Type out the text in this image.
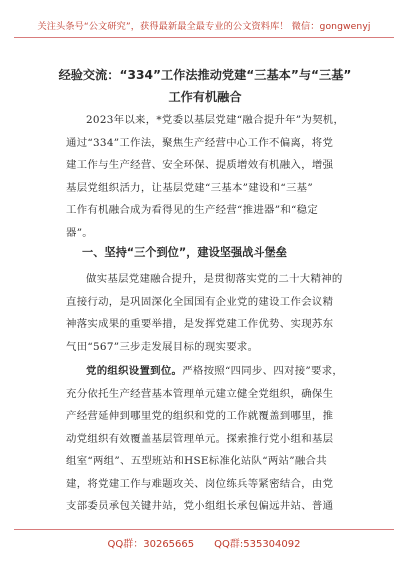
关注头条号“公文研究”，获得最新最全最专业的公文资料库！ 微信：gongwenyj
经验交流：“334”工作法推动党建“三基本”与“三基”
工作有机融合
2023年以来，*党委以基层党建“融合提升年”为契机，
通过“334”工作法，聚焦生产经营中心工作不偏离，将党
建工作与生产经营、安全环保、提质增效有机融入，增强
基层党组织活力，让基层党建“三基本”建设和“三基”
工作有机融合成为看得见的生产经营“推进器”和“稳定
器”。
一、坚持“三个到位”，建设坚强战斗堡垒
做实基层党建融合提升，是贯彻落实党的二十大精神的
直接行动，是巩固深化全国国有企业党的建设工作会议精
神落实成果的重要举措，是发挥党建工作优势、实现苏东
气田“567”三步走发展目标的现实要求。
党的组织设置到位。严格按照“四同步、四对接”要求，
充分依托生产经营基本管理单元建立健全党组织，确保生
产经营延伸到哪里党的组织和党的工作就覆盖到哪里，推
动党组织有效覆盖基层管理单元。探索推行党小组和基层
组室“两组”、五型班站和HSE标准化站队“两站”融合共
建，将党建工作与难题攻关、岗位练兵等紧密结合，由党
支部委员承包关键井站，党小组组长承包偏远井站、普通
QQ群：30265665 QQ群:535304092
